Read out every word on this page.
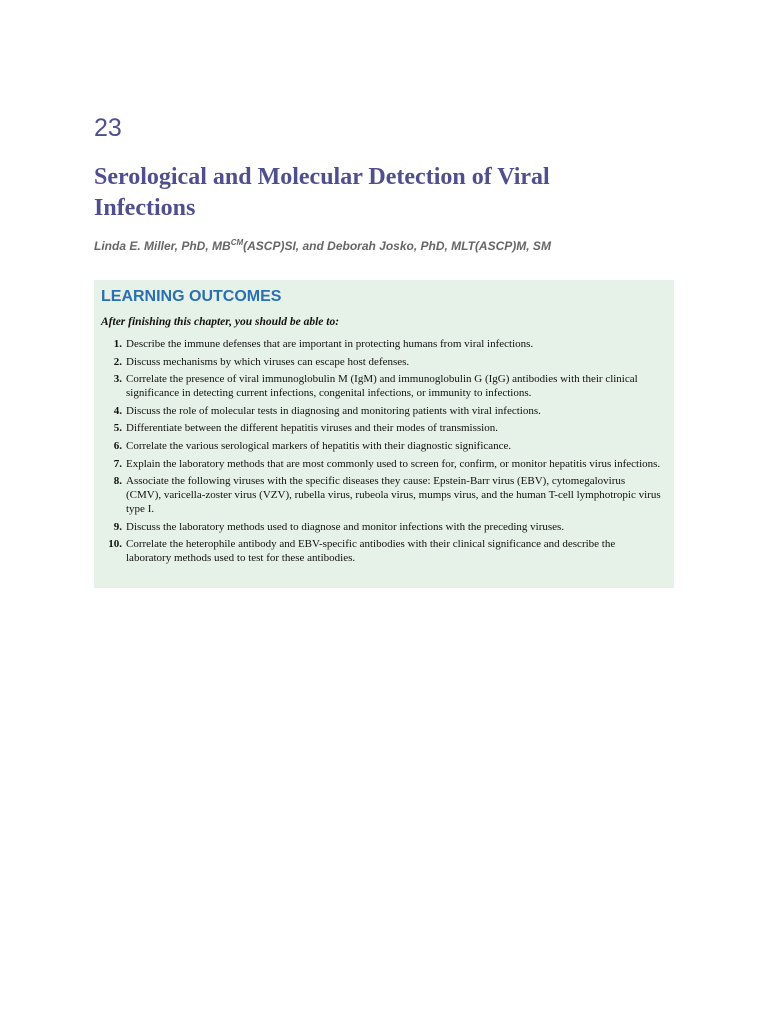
23
Serological and Molecular Detection of Viral Infections
Linda E. Miller, PhD, $MB^{CM}(ASCP)SI$, and Deborah Josko, PhD, MLT(ASCP)M, SM
LEARNING OUTCOMES
After finishing this chapter, you should be able to:
1. Describe the immune defenses that are important in protecting humans from viral infections.
2. Discuss mechanisms by which viruses can escape host defenses.
3. Correlate the presence of viral immunoglobulin M (IgM) and immunoglobulin G (IgG) antibodies with their clinical significance in detecting current infections, congenital infections, or immunity to infections.
4. Discuss the role of molecular tests in diagnosing and monitoring patients with viral infections.
5. Differentiate between the different hepatitis viruses and their modes of transmission.
6. Correlate the various serological markers of hepatitis with their diagnostic significance.
7. Explain the laboratory methods that are most commonly used to screen for, confirm, or monitor hepatitis virus infections.
8. Associate the following viruses with the specific diseases they cause: Epstein-Barr virus (EBV), cytomegalovirus (CMV), varicella-zoster virus (VZV), rubella virus, rubeola virus, mumps virus, and the human T-cell lymphotropic virus type I.
9. Discuss the laboratory methods used to diagnose and monitor infections with the preceding viruses.
10. Correlate the heterophile antibody and EBV-specific antibodies with their clinical significance and describe the laboratory methods used to test for these antibodies.
